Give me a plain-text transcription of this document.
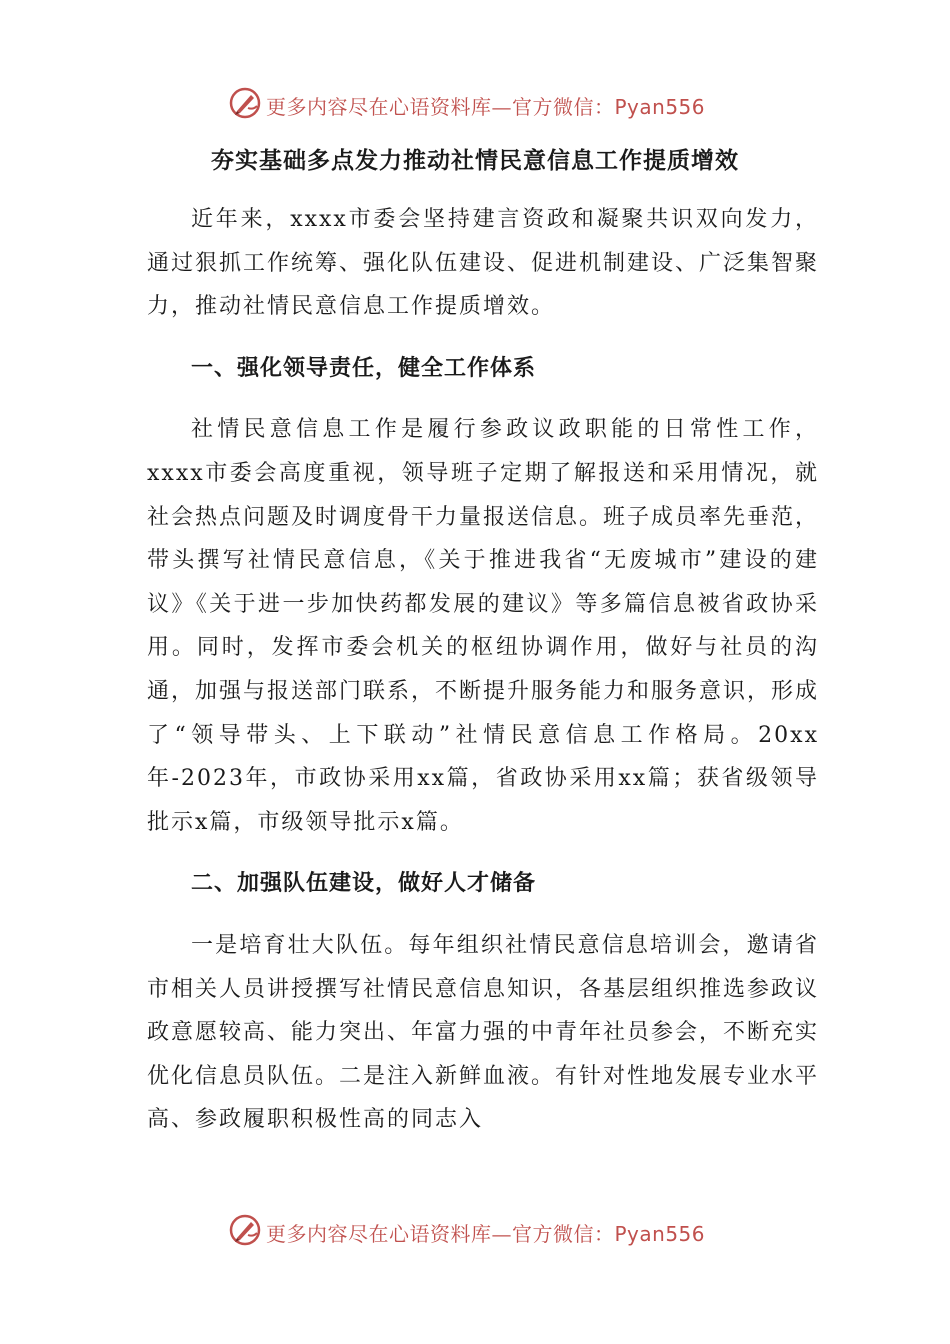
更多内容尽在心语资料库—官方微信：Pyan556
夯实基础多点发力推动社情民意信息工作提质增效

近年来，xxxx市委会坚持建言资政和凝聚共识双向发力，通过狠抓工作统筹、强化队伍建设、促进机制建设、广泛集智聚力，推动社情民意信息工作提质增效。

一、强化领导责任，健全工作体系

社情民意信息工作是履行参政议政职能的日常性工作，xxxx市委会高度重视，领导班子定期了解报送和采用情况，就社会热点问题及时调度骨干力量报送信息。班子成员率先垂范，带头撰写社情民意信息，《关于推进我省“无废城市”建设的建议》《关于进一步加快药都发展的建议》等多篇信息被省政协采用。同时，发挥市委会机关的枢纽协调作用，做好与社员的沟通，加强与报送部门联系，不断提升服务能力和服务意识，形成了“领导带头、上下联动”社情民意信息工作格局。20xx年-2023年，市政协采用xx篇，省政协采用xx篇；获省级领导批示x篇，市级领导批示x篇。

二、加强队伍建设，做好人才储备

一是培育壮大队伍。每年组织社情民意信息培训会，邀请省市相关人员讲授撰写社情民意信息知识，各基层组织推选参政议政意愿较高、能力突出、年富力强的中青年社员参会，不断充实优化信息员队伍。二是注入新鲜血液。有针对性地发展专业水平高、参政履职积极性高的同志入

更多内容尽在心语资料库—官方微信：Pyan556
